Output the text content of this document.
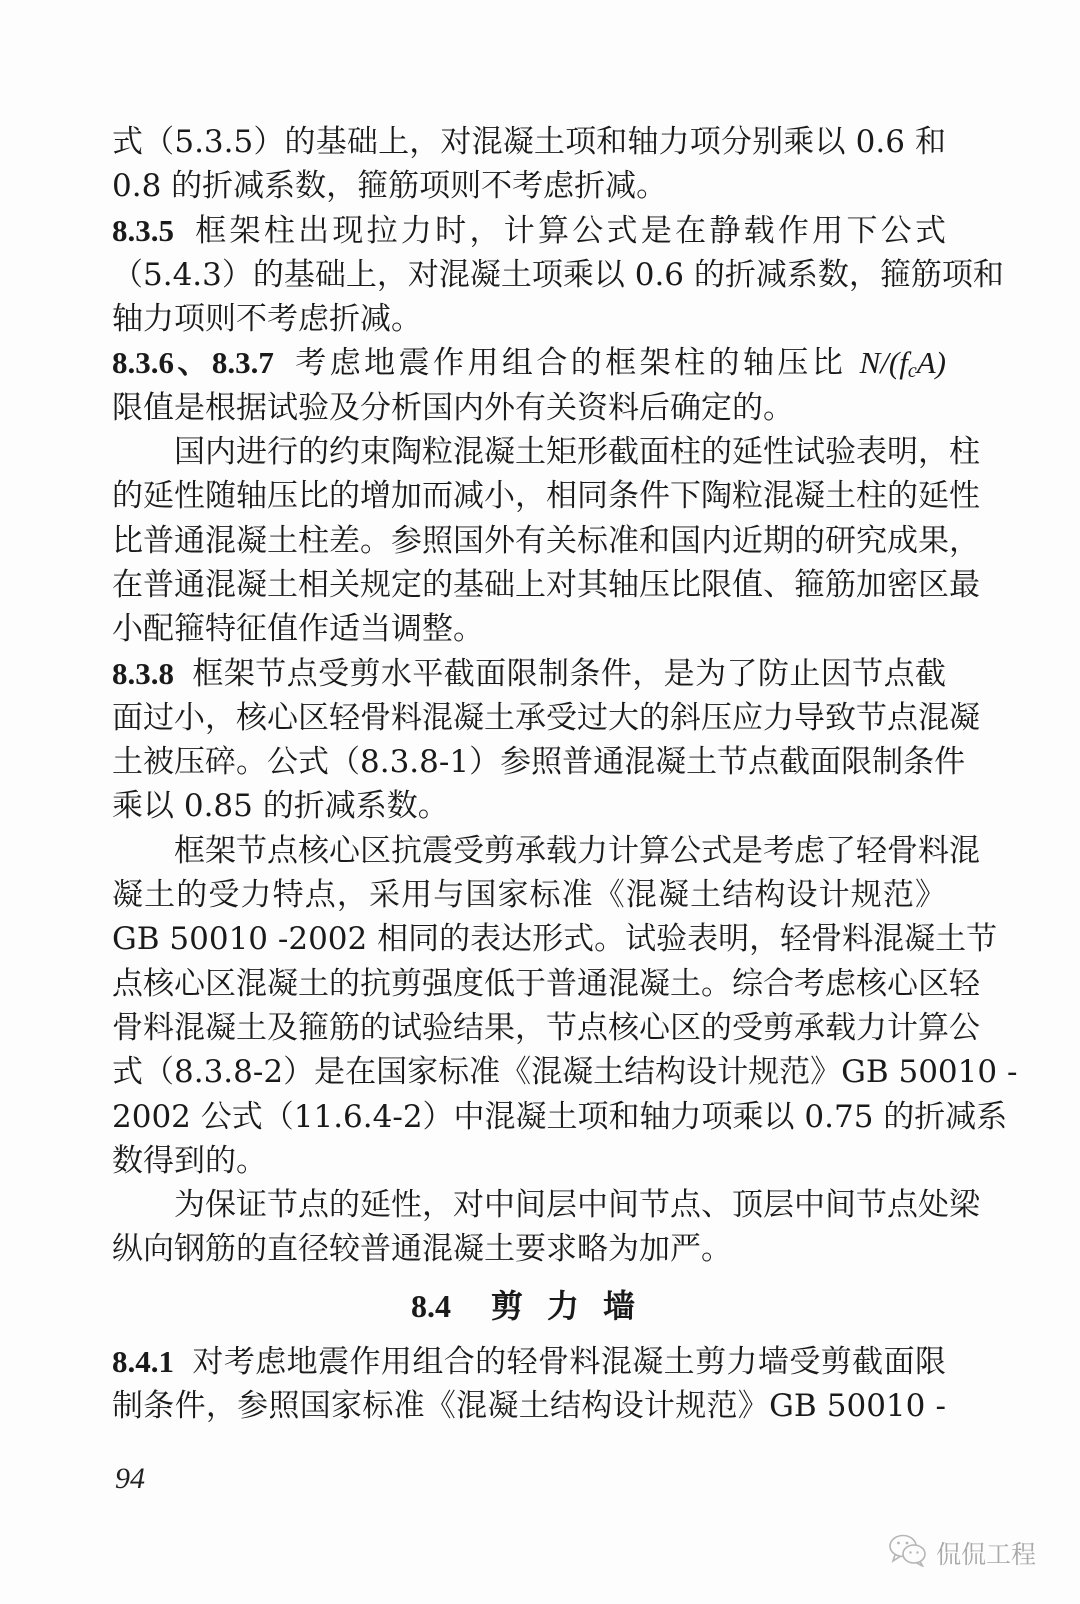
式（5.3.5）的基础上，对混凝土项和轴力项分别乘以 0.6 和
0.8 的折减系数，箍筋项则不考虑折减。
8.3.5 框架柱出现拉力时，计算公式是在静载作用下公式
（5.4.3）的基础上，对混凝土项乘以 0.6 的折减系数，箍筋项和
轴力项则不考虑折减。
8.3.6、8.3.7 考虑地震作用组合的框架柱的轴压比 $N/(f_cA)$
限值是根据试验及分析国内外有关资料后确定的。
国内进行的约束陶粒混凝土矩形截面柱的延性试验表明，柱
的延性随轴压比的增加而减小，相同条件下陶粒混凝土柱的延性
比普通混凝土柱差。参照国外有关标准和国内近期的研究成果，
在普通混凝土相关规定的基础上对其轴压比限值、箍筋加密区最
小配箍特征值作适当调整。
8.3.8 框架节点受剪水平截面限制条件，是为了防止因节点截
面过小，核心区轻骨料混凝土承受过大的斜压应力导致节点混凝
土被压碎。公式（8.3.8-1）参照普通混凝土节点截面限制条件
乘以 0.85 的折减系数。
框架节点核心区抗震受剪承载力计算公式是考虑了轻骨料混
凝土的受力特点，采用与国家标准《混凝土结构设计规范》
GB 50010 -2002 相同的表达形式。试验表明，轻骨料混凝土节
点核心区混凝土的抗剪强度低于普通混凝土。综合考虑核心区轻
骨料混凝土及箍筋的试验结果，节点核心区的受剪承载力计算公
式（8.3.8-2）是在国家标准《混凝土结构设计规范》GB 50010 -
2002 公式（11.6.4-2）中混凝土项和轴力项乘以 0.75 的折减系
数得到的。
为保证节点的延性，对中间层中间节点、顶层中间节点处梁
纵向钢筋的直径较普通混凝土要求略为加严。
8.4 剪 力 墙
8.4.1 对考虑地震作用组合的轻骨料混凝土剪力墙受剪截面限
制条件，参照国家标准《混凝土结构设计规范》GB 50010 -
94
侃侃工程
